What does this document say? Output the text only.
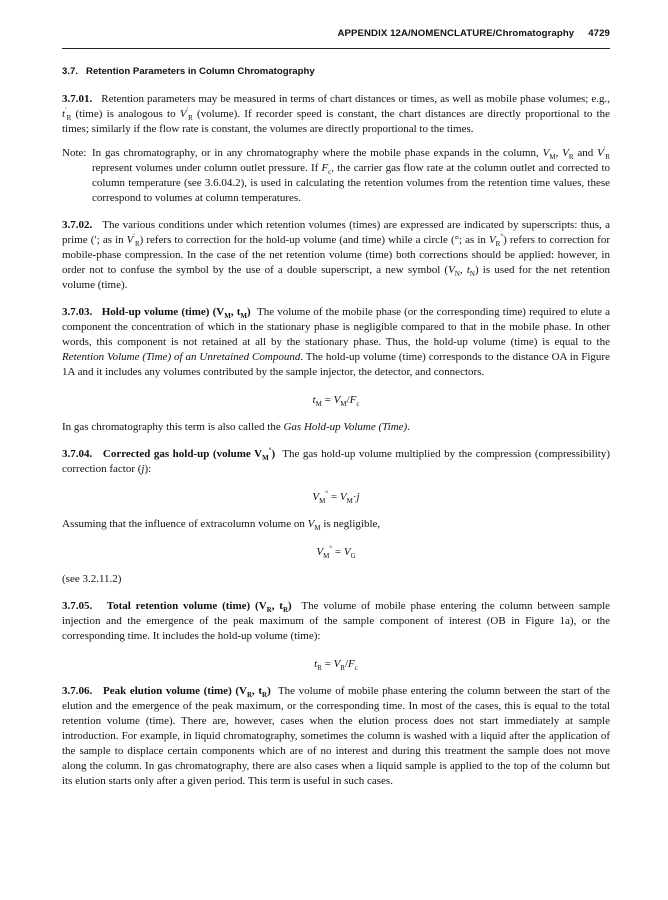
APPENDIX 12A/NOMENCLATURE/Chromatography 4729
3.7. Retention Parameters in Column Chromatography

3.7.01. Retention parameters may be measured in terms of chart distances or times, as well as mobile phase volumes; e.g., $t'_R$ (time) is analogous to $V'_R$ (volume). If recorder speed is constant, the chart distances are directly proportional to the times; similarly if the flow rate is constant, the volumes are directly proportional to the times.

Note: In gas chromatography, or in any chromatography where the mobile phase expands in the column, $V_M$, $V_R$ and $V'_R$ represent volumes under column outlet pressure. If $F_c$, the carrier gas flow rate at the column outlet and corrected to column temperature (see 3.6.04.2), is used in calculating the retention volumes from the retention time values, these correspond to volumes at column temperatures.

3.7.02. The various conditions under which retention volumes (times) are expressed are indicated by superscripts: thus, a prime (′; as in $V'_R$) refers to correction for the hold-up volume (and time) while a circle (°; as in $V_R^\circ$) refers to correction for mobile-phase compression. In the case of the net retention volume (time) both corrections should be applied: however, in order not to confuse the symbol by the use of a double superscript, a new symbol ($V_N$, $t_N$) is used for the net retention volume (time).

3.7.03. Hold-up volume (time) ($V_M$, $t_M$) The volume of the mobile phase (or the corresponding time) required to elute a component the concentration of which in the stationary phase is negligible compared to that in the mobile phase. In other words, this component is not retained at all by the stationary phase. Thus, the hold-up volume (time) is equal to the Retention Volume (Time) of an Unretained Compound. The hold-up volume (time) corresponds to the distance OA in Figure 1A and it includes any volumes contributed by the sample injector, the detector, and connectors.

$t_M = V_M/F_c$

In gas chromatography this term is also called the Gas Hold-up Volume (Time).

3.7.04. Corrected gas hold-up (volume $V_M^\circ$) The gas hold-up volume multiplied by the compression (compressibility) correction factor (j):

$V_M^\circ = V_M\cdot j$

Assuming that the influence of extracolumn volume on $V_M$ is negligible,

$V_M^\circ = V_G$

(see 3.2.11.2)

3.7.05. Total retention volume (time) ($V_R$, $t_R$) The volume of mobile phase entering the column between sample injection and the emergence of the peak maximum of the sample component of interest (OB in Figure 1a), or the corresponding time. It includes the hold-up volume (time):

$t_R = V_R/F_c$

3.7.06. Peak elution volume (time) ($V_R$, $t_R$) The volume of mobile phase entering the column between the start of the elution and the emergence of the peak maximum, or the corresponding time. In most of the cases, this is equal to the total retention volume (time). There are, however, cases when the elution process does not start immediately at sample introduction. For example, in liquid chromatography, sometimes the column is washed with a liquid after the application of the sample to displace certain components which are of no interest and during this treatment the sample does not move along the column. In gas chromatography, there are also cases when a liquid sample is applied to the top of the column but its elution starts only after a given period. This term is useful in such cases.
